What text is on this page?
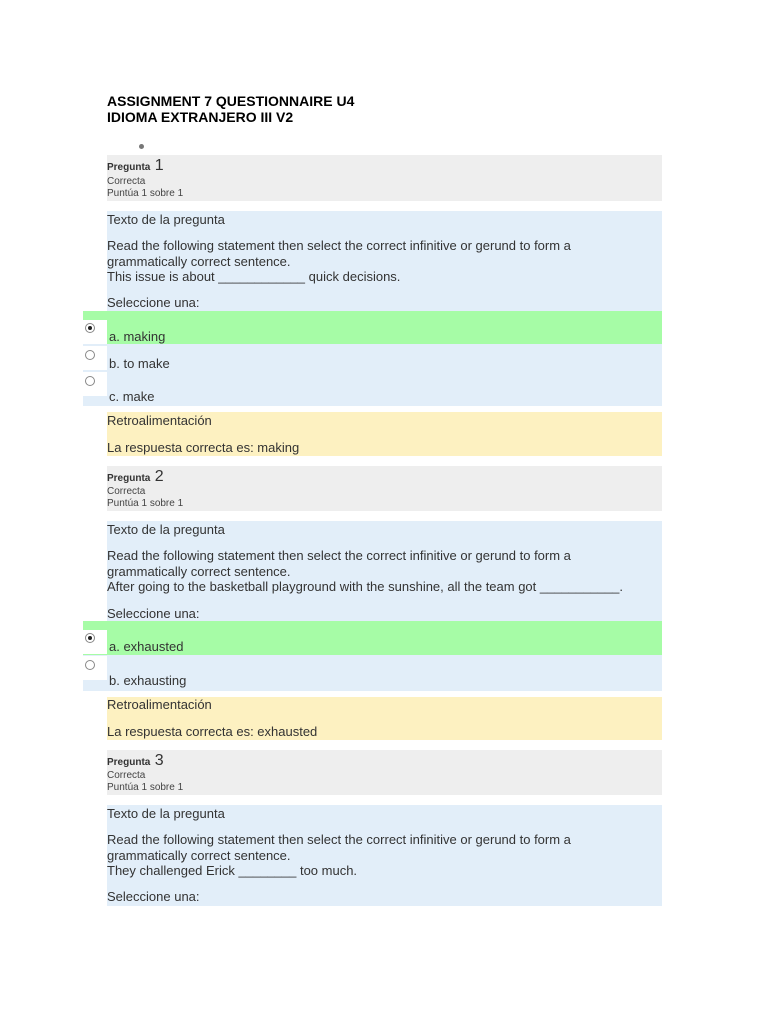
ASSIGNMENT 7 QUESTIONNAIRE U4
IDIOMA EXTRANJERO III V2
Pregunta 1
Correcta
Puntúa 1 sobre 1
Texto de la pregunta
Read the following statement then select the correct infinitive or gerund to form a
grammatically correct sentence.
This issue is about ____________ quick decisions.
Seleccione una:
a. making
b. to make
c. make
Retroalimentación
La respuesta correcta es: making
Pregunta 2
Correcta
Puntúa 1 sobre 1
Texto de la pregunta
Read the following statement then select the correct infinitive or gerund to form a
grammatically correct sentence.
After going to the basketball playground with the sunshine, all the team got ___________.
Seleccione una:
a. exhausted
b. exhausting
Retroalimentación
La respuesta correcta es: exhausted
Pregunta 3
Correcta
Puntúa 1 sobre 1
Texto de la pregunta
Read the following statement then select the correct infinitive or gerund to form a
grammatically correct sentence.
They challenged Erick ________ too much.
Seleccione una:
